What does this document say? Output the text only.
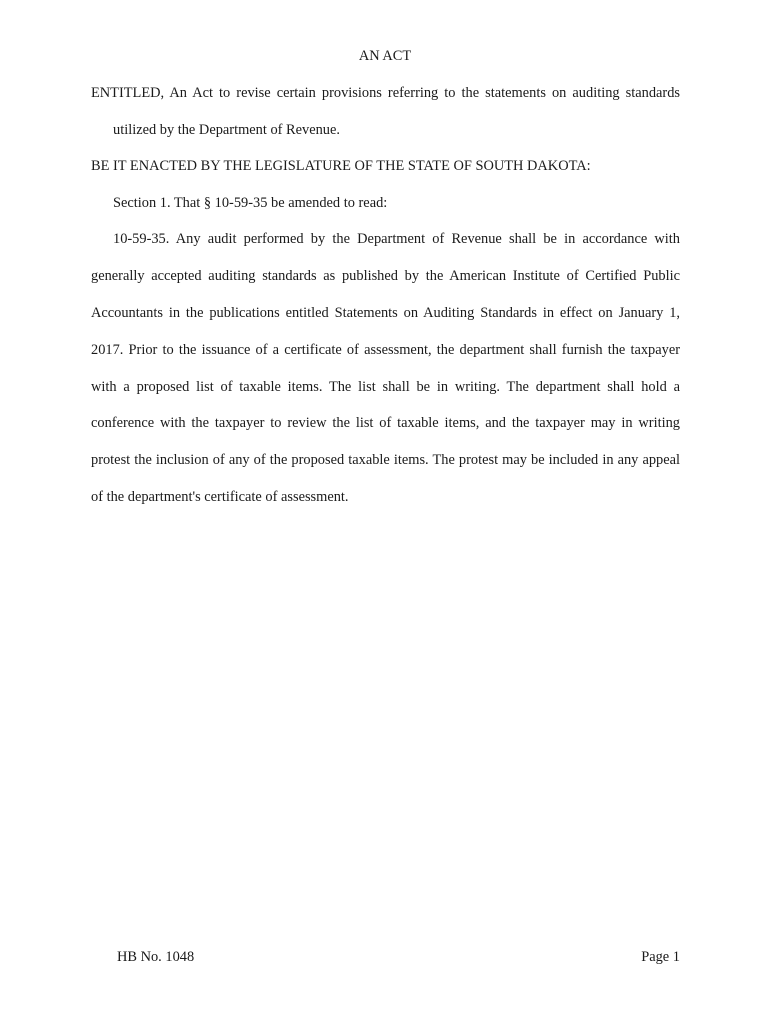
AN ACT
ENTITLED, An Act to revise certain provisions referring to the statements on auditing standards
utilized by the Department of Revenue.
BE IT ENACTED BY THE LEGISLATURE OF THE STATE OF SOUTH DAKOTA:
Section 1. That § 10-59-35 be amended to read:
10-59-35. Any audit performed by the Department of Revenue shall be in accordance with
generally accepted auditing standards as published by the American Institute of Certified Public
Accountants in the publications entitled Statements on Auditing Standards in effect on January 1,
2017. Prior to the issuance of a certificate of assessment, the department shall furnish the taxpayer
with a proposed list of taxable items. The list shall be in writing. The department shall hold a
conference with the taxpayer to review the list of taxable items, and the taxpayer may in writing
protest the inclusion of any of the proposed taxable items. The protest may be included in any appeal
of the department's certificate of assessment.
HB No. 1048	Page 1
